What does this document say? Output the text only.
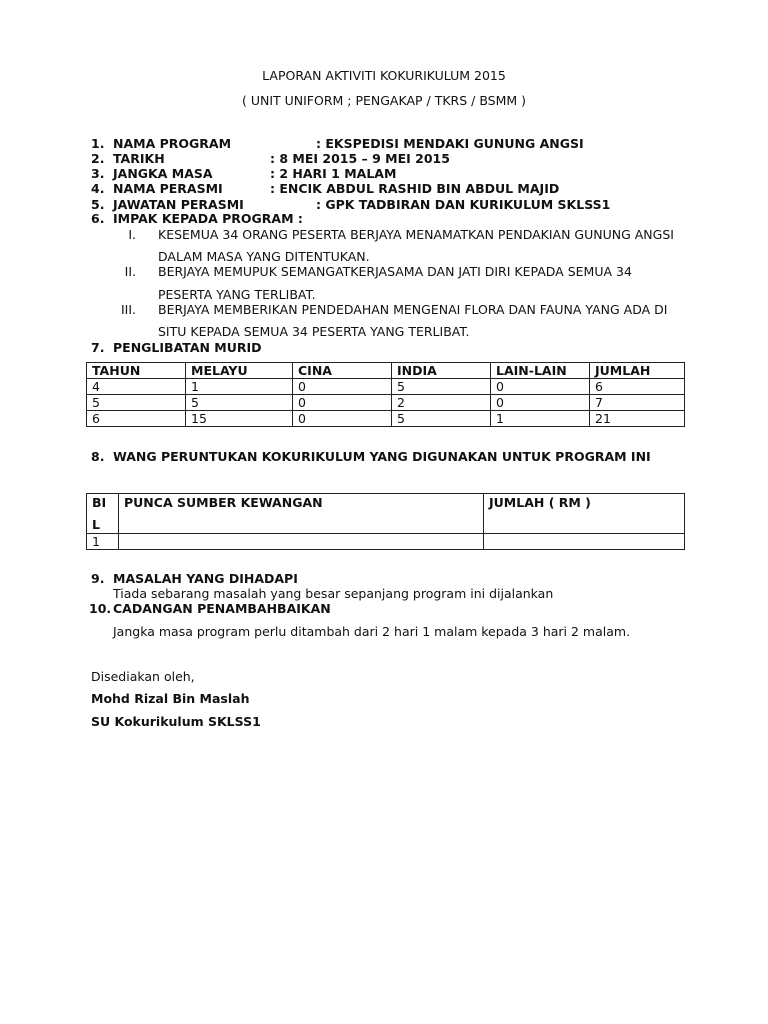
LAPORAN AKTIVITI KOKURIKULUM 2015
( UNIT UNIFORM ; PENGAKAP / TKRS / BSMM )
1. NAMA PROGRAM	: EKSPEDISI MENDAKI GUNUNG ANGSI
2. TARIKH	: 8 MEI 2015 – 9 MEI 2015
3. JANGKA MASA	: 2 HARI 1 MALAM
4. NAMA PERASMI	: ENCIK ABDUL RASHID BIN ABDUL MAJID
5. JAWATAN PERASMI	: GPK TADBIRAN DAN KURIKULUM SKLSS1
6. IMPAK KEPADA PROGRAM :
I. KESEMUA 34 ORANG PESERTA BERJAYA MENAMATKAN PENDAKIAN GUNUNG ANGSI
DALAM MASA YANG DITENTUKAN.
II. BERJAYA MEMUPUK SEMANGATKERJASAMA DAN JATI DIRI KEPADA SEMUA 34
PESERTA YANG TERLIBAT.
III. BERJAYA MEMBERIKAN PENDEDAHAN MENGENAI FLORA DAN FAUNA YANG ADA DI
SITU KEPADA SEMUA 34 PESERTA YANG TERLIBAT.
7. PENGLIBATAN MURID
TAHUN	MELAYU	CINA	INDIA	LAIN-LAIN	JUMLAH
4	1	0	5	0	6
5	5	0	2	0	7
6	15	0	5	1	21
8. WANG PERUNTUKAN KOKURIKULUM YANG DIGUNAKAN UNTUK PROGRAM INI
BI
L	PUNCA SUMBER KEWANGAN	JUMLAH ( RM )
1		
9. MASALAH YANG DIHADAPI
Tiada sebarang masalah yang besar sepanjang program ini dijalankan
10. CADANGAN PENAMBAHBAIKAN
Jangka masa program perlu ditambah dari 2 hari 1 malam kepada 3 hari 2 malam.
Disediakan oleh,
Mohd Rizal Bin Maslah
SU Kokurikulum SKLSS1
